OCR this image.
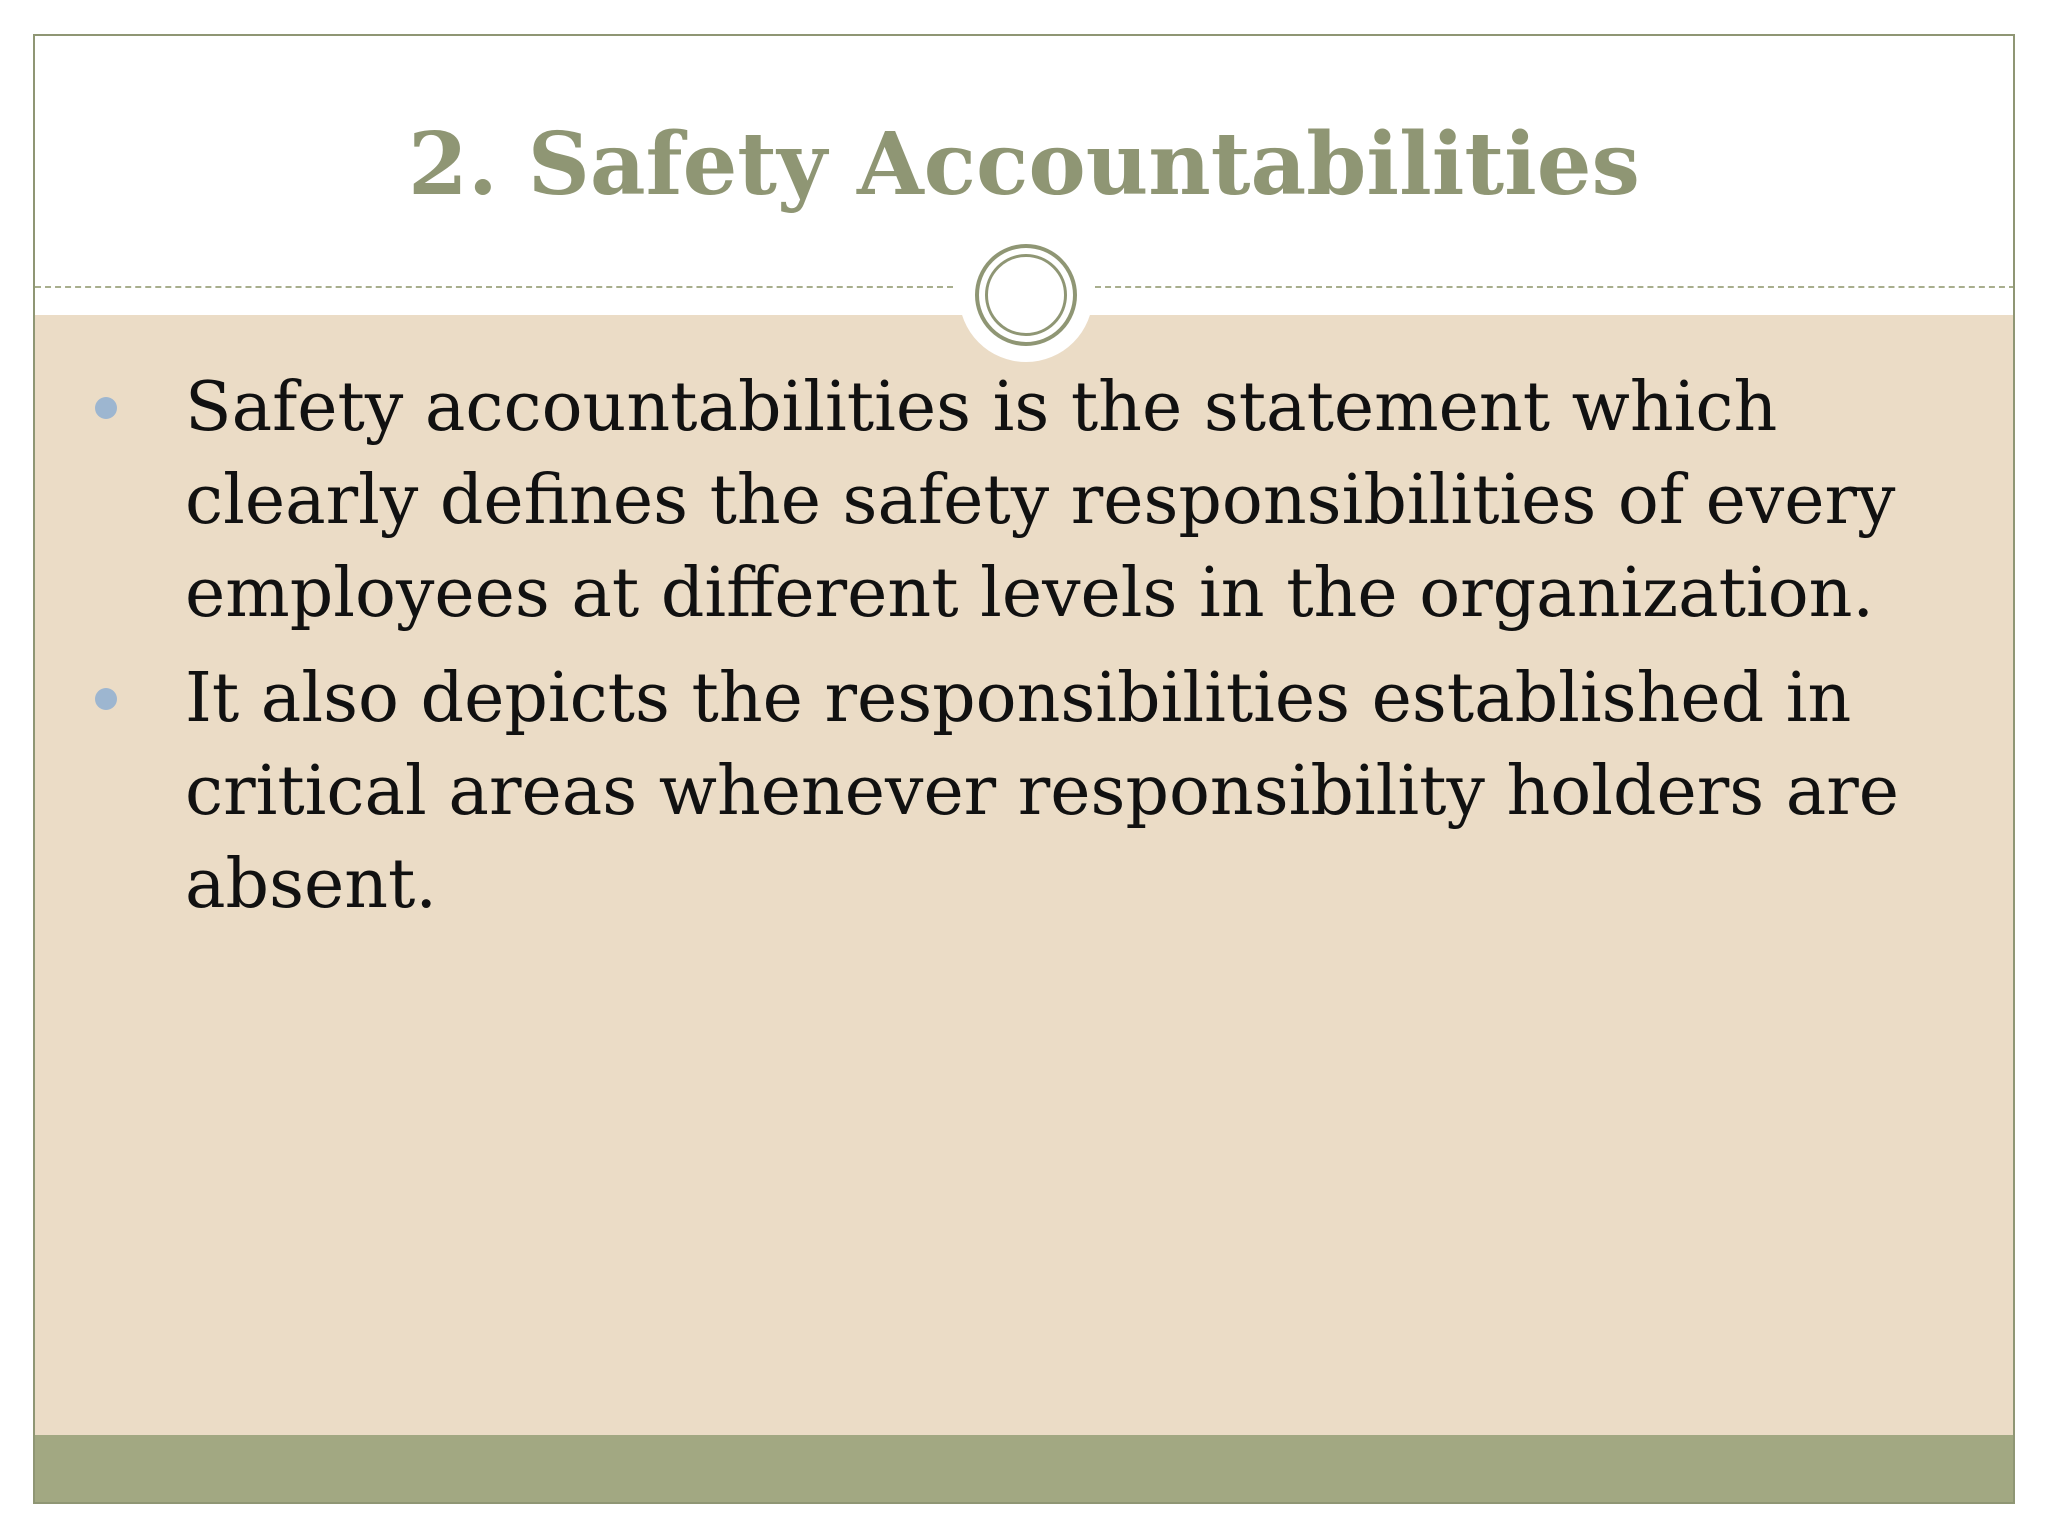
2. Safety Accountabilities
Safety accountabilities is the statement which clearly defines the safety responsibilities of every employees at different levels in the organization.
It also depicts the responsibilities established in critical areas whenever responsibility holders are absent.
